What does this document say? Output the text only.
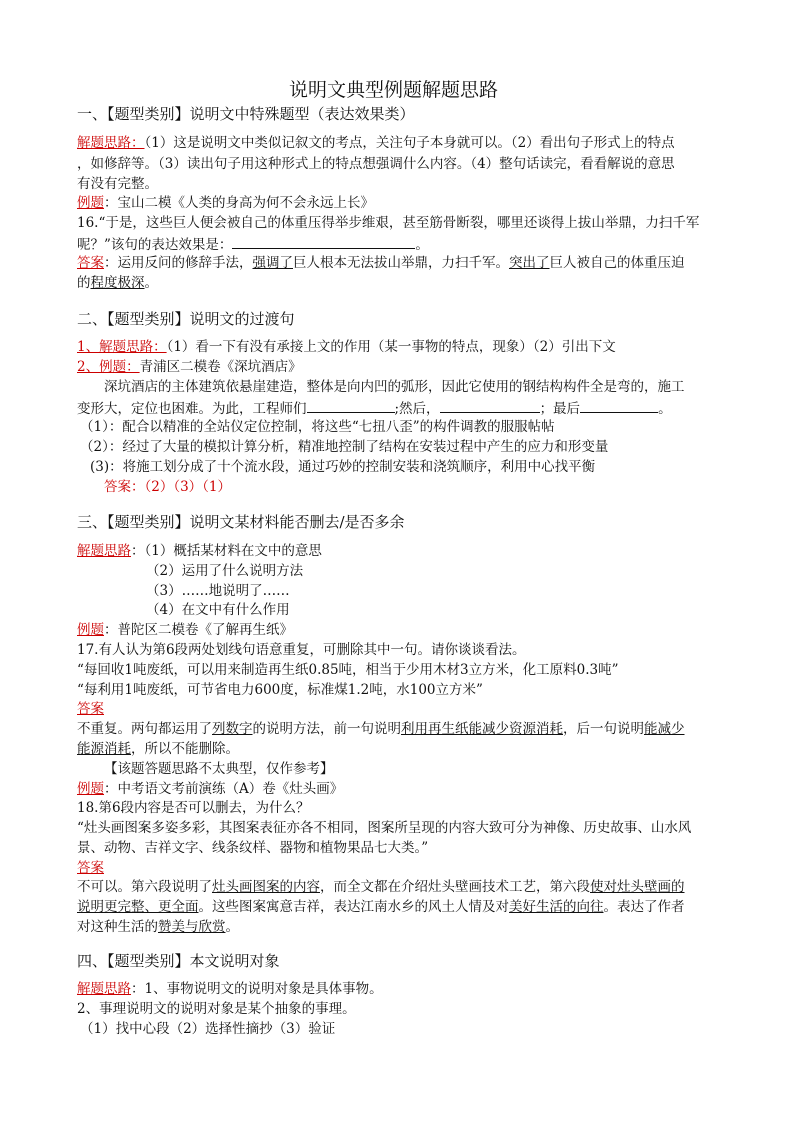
说明文典型例题解题思路
一、【题型类别】说明文中特殊题型（表达效果类）
解题思路：（1）这是说明文中类似记叙文的考点，关注句子本身就可以。（2）看出句子形式上的特点
，如修辞等。（3）读出句子用这种形式上的特点想强调什么内容。（4）整句话读完，看看解说的意思
有没有完整。
例题：宝山二模《人类的身高为何不会永远上长》
16.“于是，这些巨人便会被自己的体重压得举步维艰，甚至筋骨断裂，哪里还谈得上拔山举鼎，力扫千军
呢？”该句的表达效果是：	。
答案：运用反问的修辞手法，强调了巨人根本无法拔山举鼎，力扫千军。突出了巨人被自己的体重压迫
的程度极深。
二、【题型类别】说明文的过渡句
1、解题思路：（1）看一下有没有承接上文的作用（某一事物的特点，现象）（2）引出下文
2、例题：青浦区二模卷《深坑酒店》
深坑酒店的主体建筑依悬崖建造，整体是向内凹的弧形，因此它使用的钢结构构件全是弯的，施工
变形大，定位也困难。为此，工程师们	;然后，	；最后	。
（1）：配合以精准的全站仪定位控制，将这些“七扭八歪”的构件调教的服服帖帖
（2）：经过了大量的模拟计算分析，精准地控制了结构在安装过程中产生的应力和形变量
(3)：将施工划分成了十个流水段，通过巧妙的控制安装和浇筑顺序，利用中心找平衡
答案：（2）（3）（1）
三、【题型类别】说明文某材料能否删去/是否多余
解题思路：（1）概括某材料在文中的意思
（2）运用了什么说明方法
（3）……地说明了……
（4）在文中有什么作用
例题：普陀区二模卷《了解再生纸》
17.有人认为第6段两处划线句语意重复，可删除其中一句。请你谈谈看法。
“每回收1吨废纸，可以用来制造再生纸0.85吨，相当于少用木材3立方米，化工原料0.3吨”
“每利用1吨废纸，可节省电力600度，标准煤1.2吨，水100立方米”
答案
不重复。两句都运用了列数字的说明方法，前一句说明利用再生纸能减少资源消耗，后一句说明能减少
能源消耗，所以不能删除。
【该题答题思路不太典型，仅作参考】
例题：中考语文考前演练（A）卷《灶头画》
18.第6段内容是否可以删去，为什么？
“灶头画图案多姿多彩，其图案表征亦各不相同，图案所呈现的内容大致可分为神像、历史故事、山水风
景、动物、吉祥文字、线条纹样、器物和植物果品七大类。”
答案
不可以。第六段说明了灶头画图案的内容，而全文都在介绍灶头壁画技术工艺，第六段使对灶头壁画的
说明更完整、更全面。这些图案寓意吉祥，表达江南水乡的风土人情及对美好生活的向往。表达了作者
对这种生活的赞美与欣赏。
四、【题型类别】本文说明对象
解题思路：1、事物说明文的说明对象是具体事物。
2、事理说明文的说明对象是某个抽象的事理。
（1）找中心段（2）选择性摘抄（3）验证
